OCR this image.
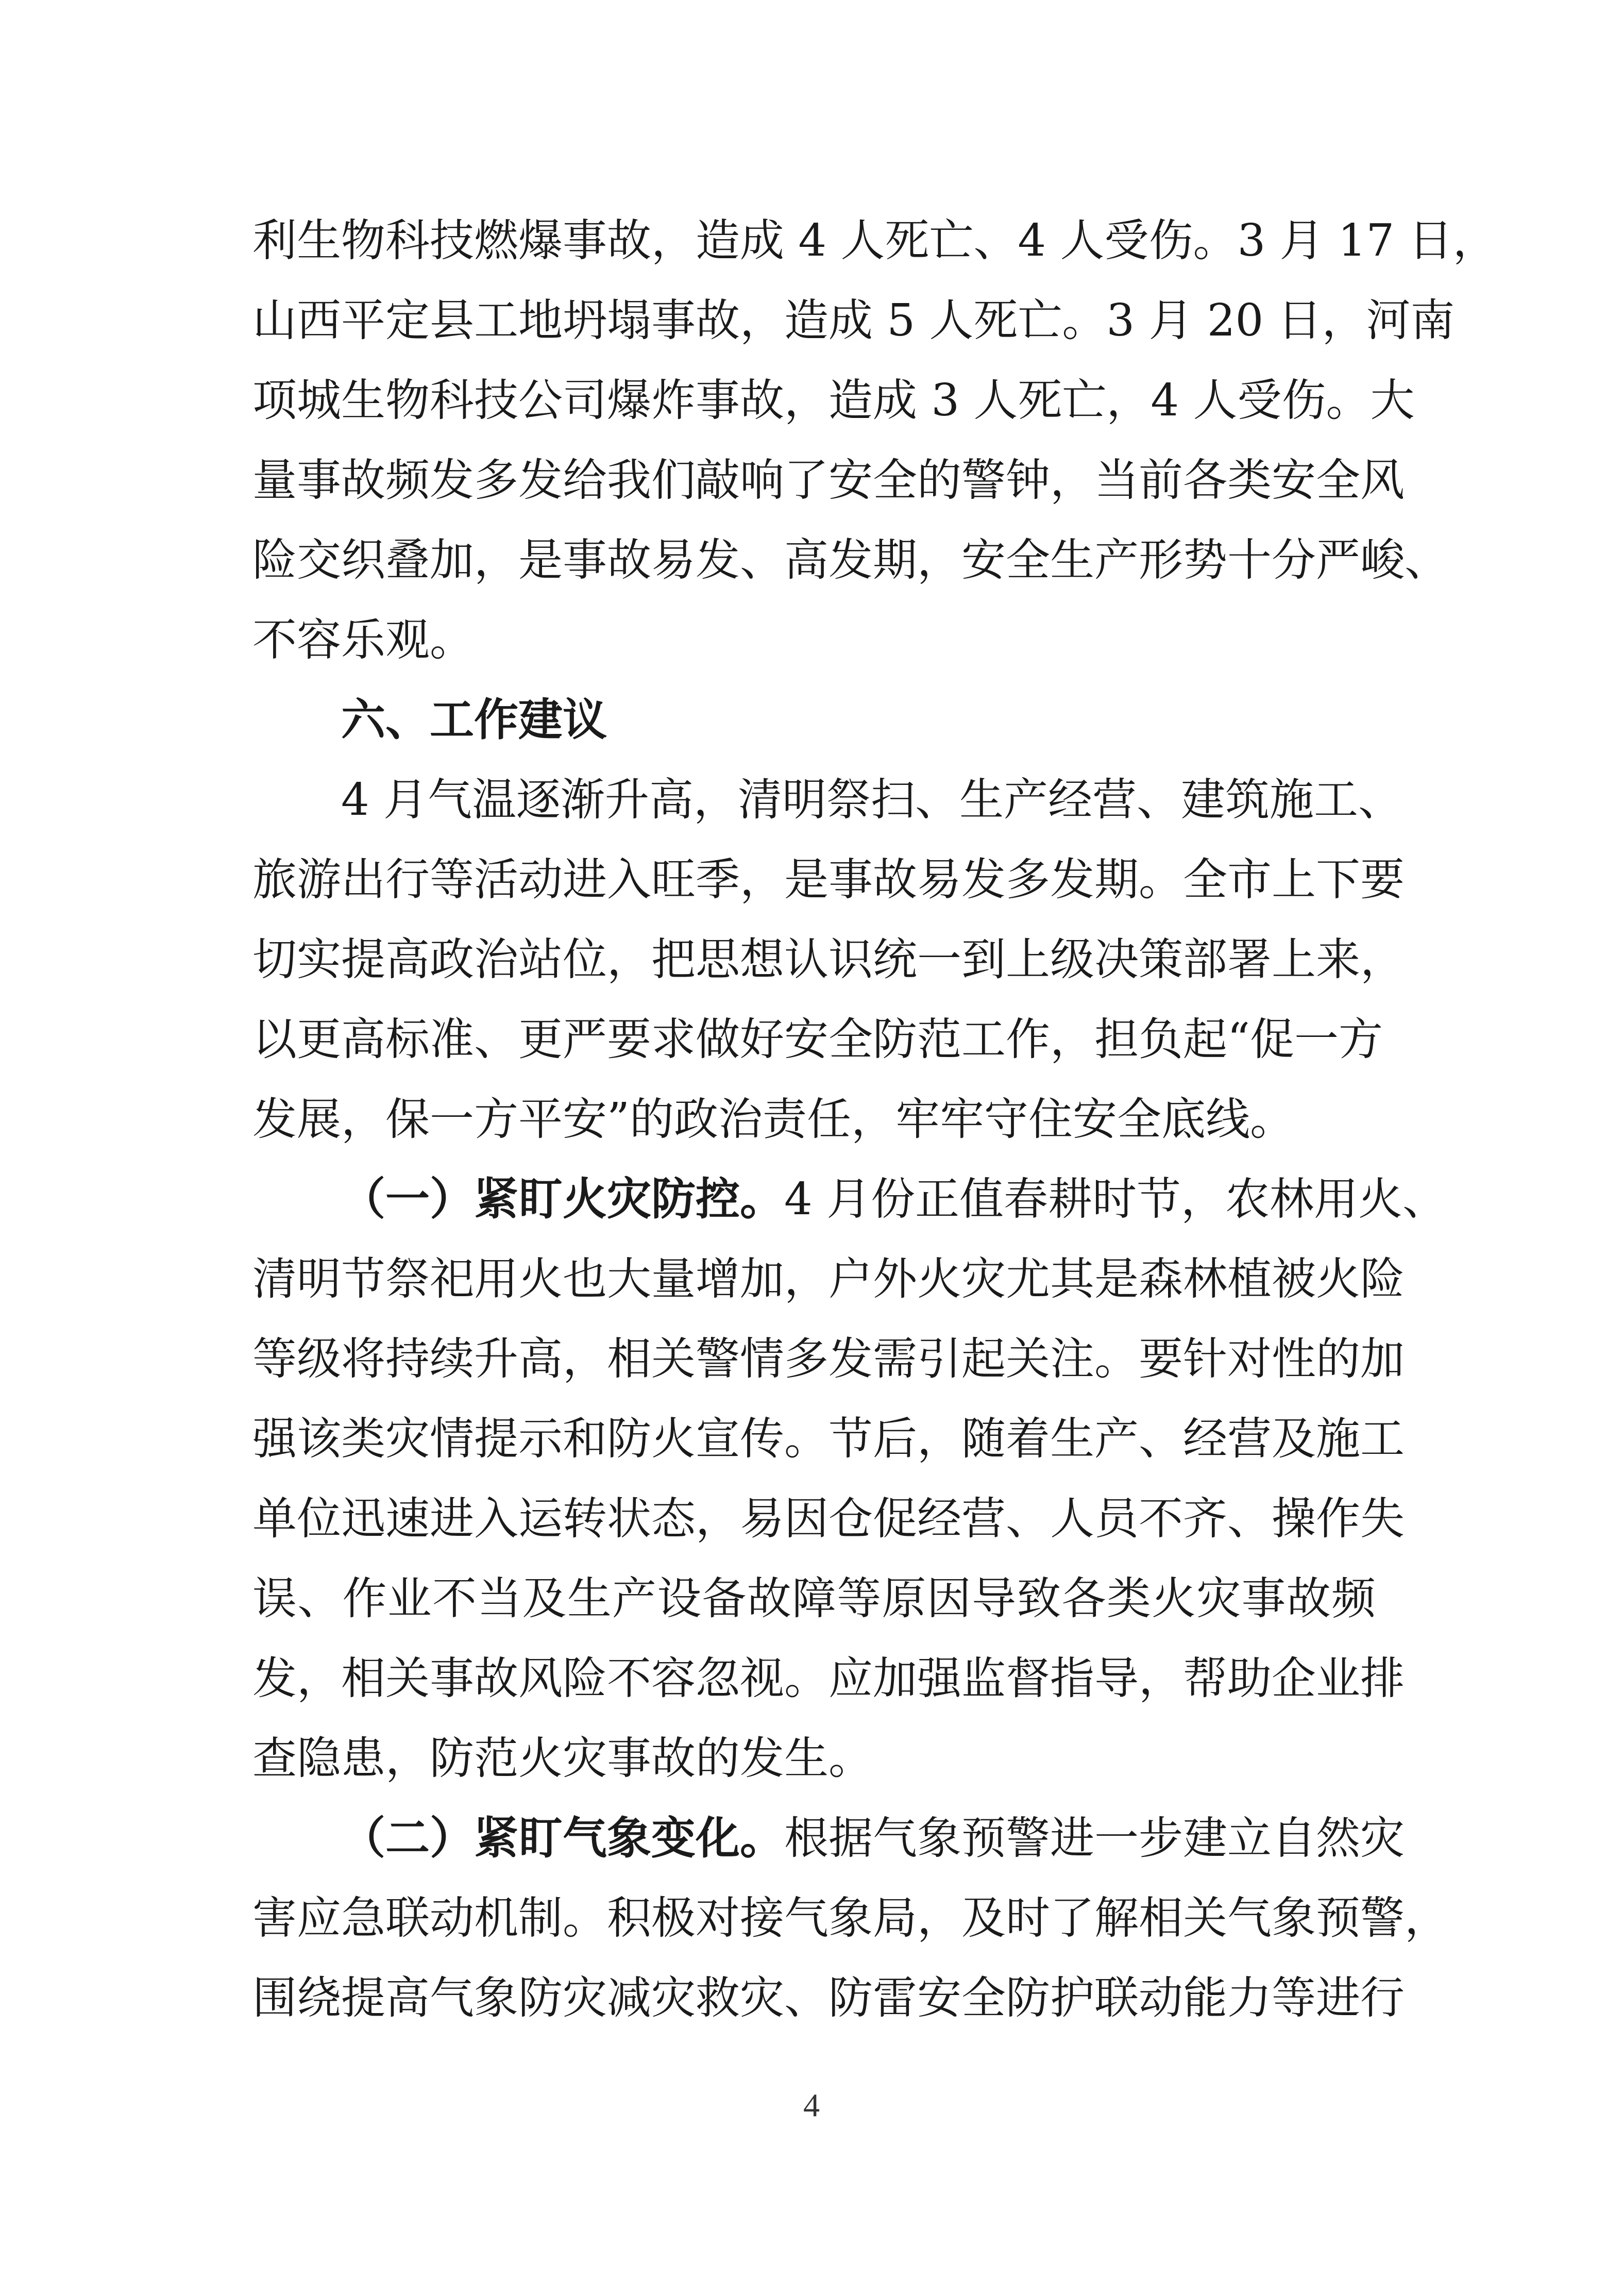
利生物科技燃爆事故，造成 4 人死亡、4 人受伤。3 月 17 日，
山西平定县工地坍塌事故，造成 5 人死亡。3 月 20 日，河南
项城生物科技公司爆炸事故，造成 3 人死亡，4 人受伤。大
量事故频发多发给我们敲响了安全的警钟，当前各类安全风
险交织叠加，是事故易发、高发期，安全生产形势十分严峻、
不容乐观。
六、工作建议
4 月气温逐渐升高，清明祭扫、生产经营、建筑施工、
旅游出行等活动进入旺季，是事故易发多发期。全市上下要
切实提高政治站位，把思想认识统一到上级决策部署上来，
以更高标准、更严要求做好安全防范工作，担负起“促一方
发展，保一方平安”的政治责任，牢牢守住安全底线。
（一）紧盯火灾防控。4 月份正值春耕时节，农林用火、
清明节祭祀用火也大量增加，户外火灾尤其是森林植被火险
等级将持续升高，相关警情多发需引起关注。要针对性的加
强该类灾情提示和防火宣传。节后，随着生产、经营及施工
单位迅速进入运转状态，易因仓促经营、人员不齐、操作失
误、作业不当及生产设备故障等原因导致各类火灾事故频
发，相关事故风险不容忽视。应加强监督指导，帮助企业排
查隐患，防范火灾事故的发生。
（二）紧盯气象变化。根据气象预警进一步建立自然灾
害应急联动机制。积极对接气象局，及时了解相关气象预警，
围绕提高气象防灾减灾救灾、防雷安全防护联动能力等进行
4
